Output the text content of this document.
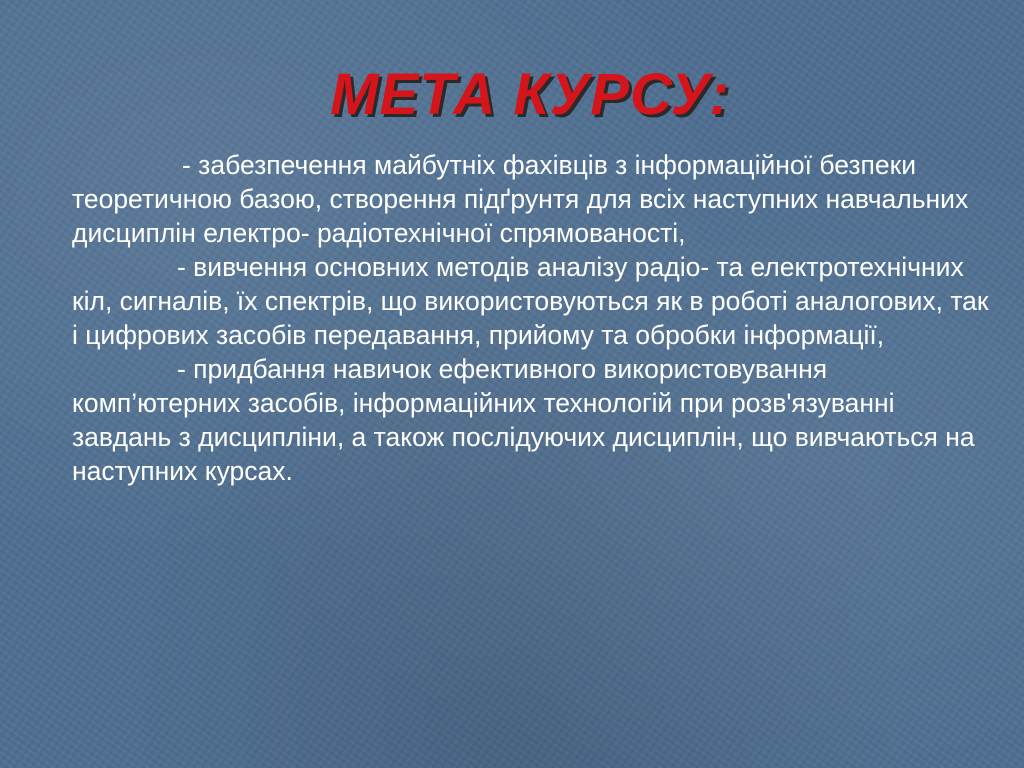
МЕТА КУРСУ:

- забезпечення майбутніх фахівців з інформаційної безпеки теоретичною базою, створення підґрунтя для всіх наступних навчальних дисциплін електро- радіотехнічної спрямованості,

- вивчення основних методів аналізу радіо- та електротехнічних кіл, сигналів, їх спектрів, що використовуються як в роботі аналогових, так і цифрових засобів передавання, прийому та обробки інформації,

- придбання навичок ефективного використовування комп’ютерних засобів, інформаційних технологій при розв'язуванні завдань з дисципліни, а також послідуючих дисциплін, що вивчаються на наступних курсах.
